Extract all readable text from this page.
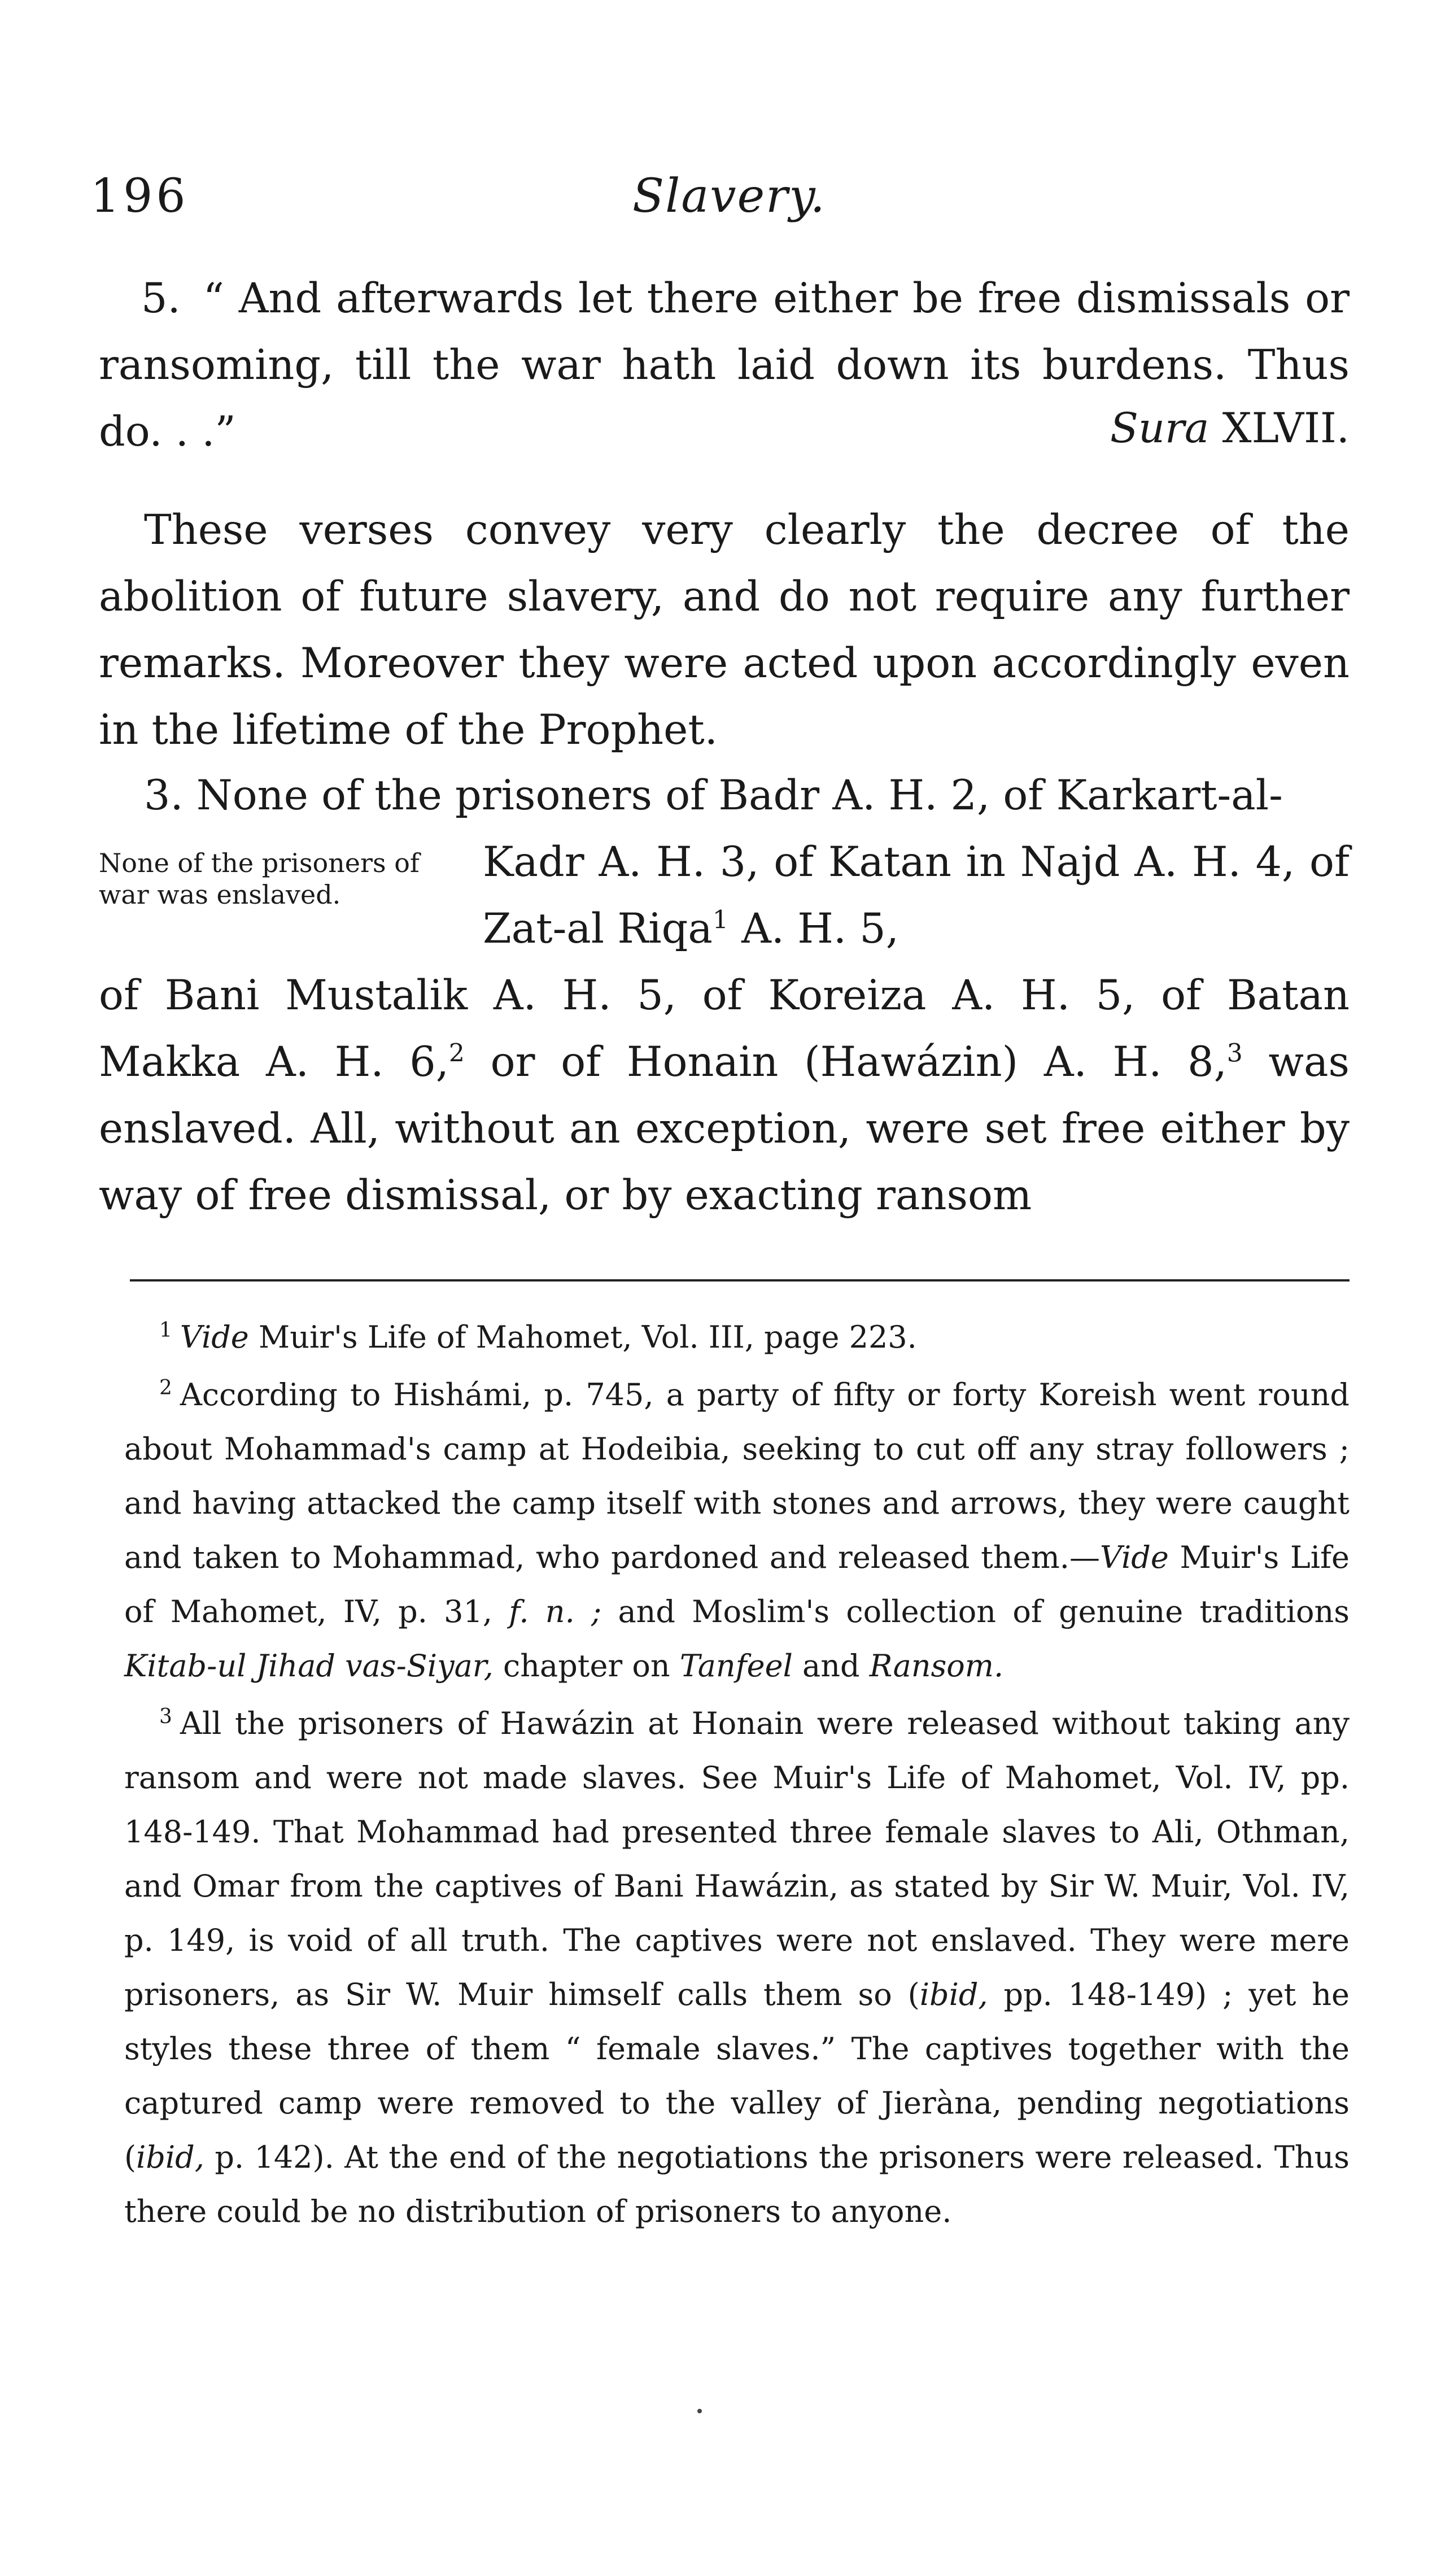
196	Slavery.

5. “ And afterwards let there either be free dismissals or ransoming, till the war hath laid down its burdens. Thus do. . .”	Sura XLVII.

These verses convey very clearly the decree of the abolition of future slavery, and do not require any further remarks. Moreover they were acted upon accordingly even in the lifetime of the Prophet.

3. None of the prisoners of Badr A. H. 2, of Karkart-al-

None of the prisoners of war was enslaved.

Kadr A. H. 3, of Katan in Najd A. H. 4, of Zat-al Riqa$^1$ A. H. 5,

of Bani Mustalik A. H. 5, of Koreiza A. H. 5, of Batan Makka A. H. 6,$^2$ or of Honain (Hawázin) A. H. 8,$^3$ was enslaved. All, without an exception, were set free either by way of free dismissal, or by exacting ransom

$^1$ Vide Muir's Life of Mahomet, Vol. III, page 223.

$^2$ According to Hishámi, p. 745, a party of fifty or forty Koreish went round about Mohammad's camp at Hodeibia, seeking to cut off any stray followers ; and having attacked the camp itself with stones and arrows, they were caught and taken to Mohammad, who pardoned and released them.—Vide Muir's Life of Mahomet, IV, p. 31, f. n. ; and Moslim's collection of genuine traditions Kitab-ul Jihad vas-Siyar, chapter on Tanfeel and Ransom.

$^3$ All the prisoners of Hawázin at Honain were released without taking any ransom and were not made slaves. See Muir's Life of Mahomet, Vol. IV, pp. 148-149. That Mohammad had presented three female slaves to Ali, Othman, and Omar from the captives of Bani Hawázin, as stated by Sir W. Muir, Vol. IV, p. 149, is void of all truth. The captives were not enslaved. They were mere prisoners, as Sir W. Muir himself calls them so (ibid, pp. 148-149) ; yet he styles these three of them “ female slaves.” The captives together with the captured camp were removed to the valley of Jieràna, pending negotiations (ibid, p. 142). At the end of the negotiations the prisoners were released. Thus there could be no distribution of prisoners to anyone.
